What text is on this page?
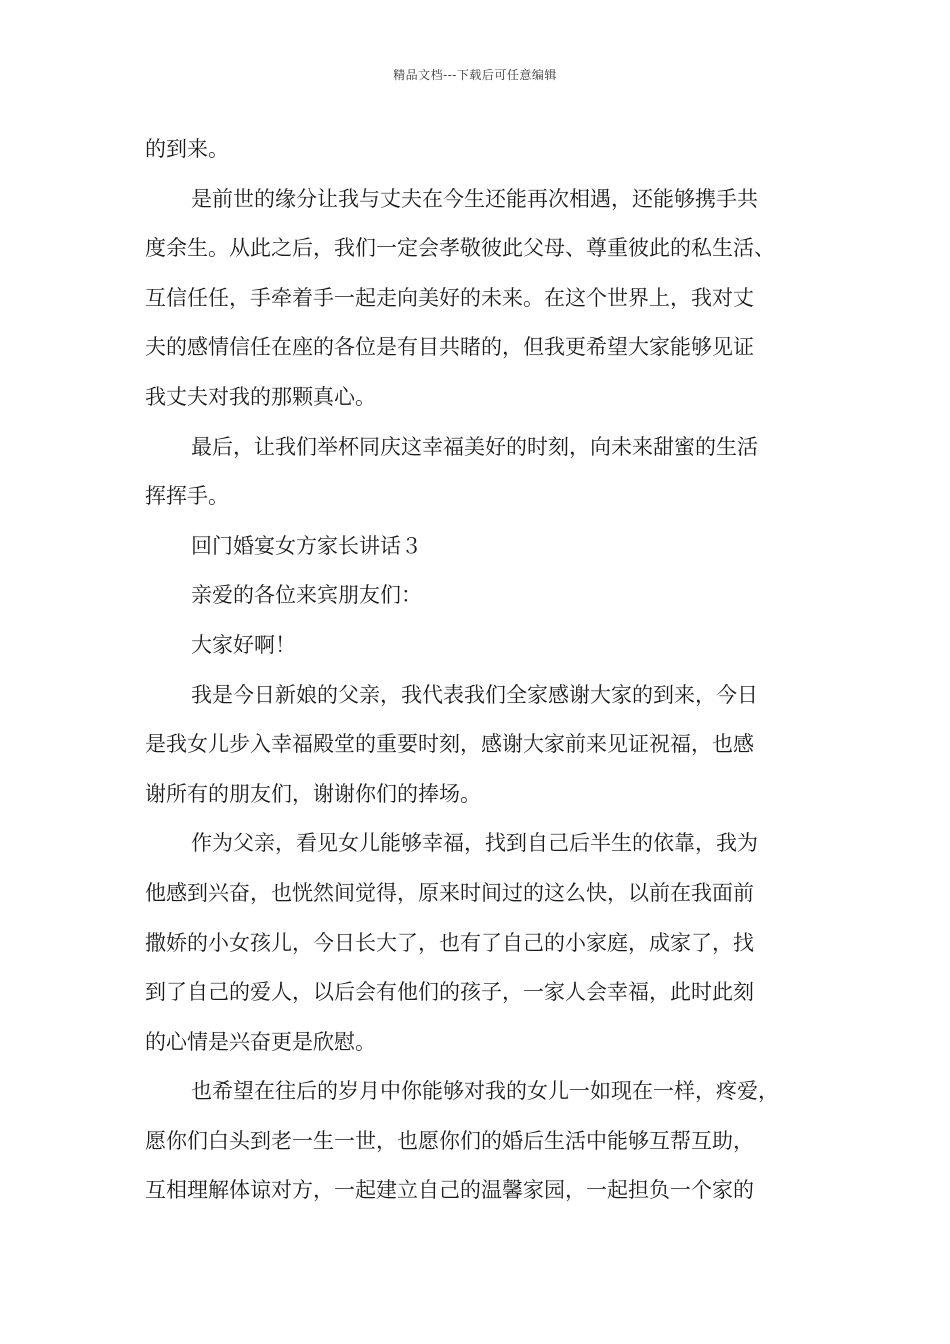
精品文档---下载后可任意编辑
的到来。
是前世的缘分让我与丈夫在今生还能再次相遇，还能够携手共
度余生。从此之后，我们一定会孝敬彼此父母、尊重彼此的私生活、
互信任任，手牵着手一起走向美好的未来。在这个世界上，我对丈
夫的感情信任在座的各位是有目共睹的，但我更希望大家能够见证
我丈夫对我的那颗真心。
最后，让我们举杯同庆这幸福美好的时刻，向未来甜蜜的生活
挥挥手。
回门婚宴女方家长讲话３
亲爱的各位来宾朋友们：
大家好啊！
我是今日新娘的父亲，我代表我们全家感谢大家的到来，今日
是我女儿步入幸福殿堂的重要时刻，感谢大家前来见证祝福，也感
谢所有的朋友们，谢谢你们的捧场。
作为父亲，看见女儿能够幸福，找到自己后半生的依靠，我为
他感到兴奋，也恍然间觉得，原来时间过的这么快，以前在我面前
撒娇的小女孩儿，今日长大了，也有了自己的小家庭，成家了，找
到了自己的爱人，以后会有他们的孩子，一家人会幸福，此时此刻
的心情是兴奋更是欣慰。
也希望在往后的岁月中你能够对我的女儿一如现在一样，疼爱，
愿你们白头到老一生一世，也愿你们的婚后生活中能够互帮互助，
互相理解体谅对方，一起建立自己的温馨家园，一起担负一个家的
